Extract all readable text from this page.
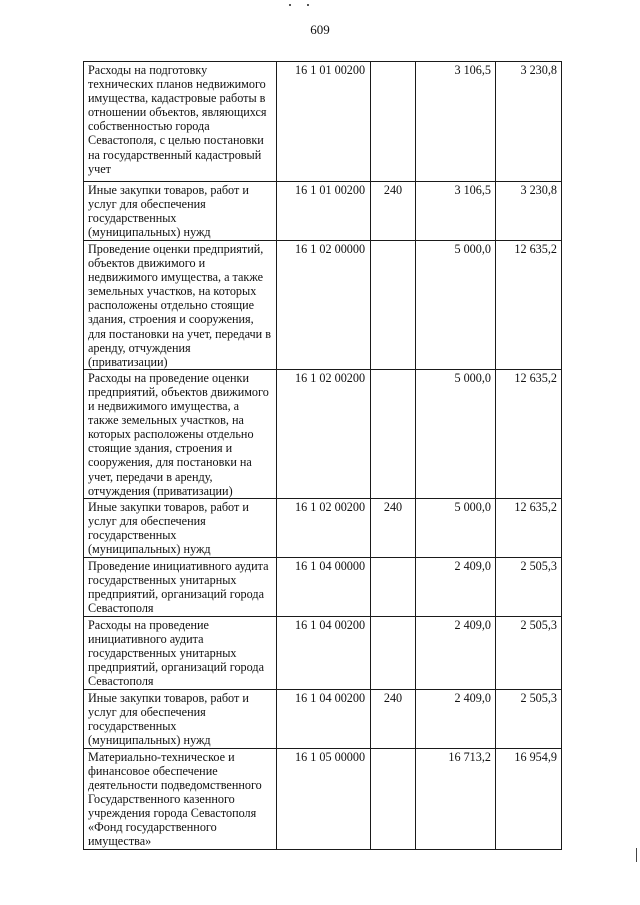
609
Расходы на подготовку технических планов недвижимого имущества, кадастровые работы в отношении объектов, являющихся собственностью города Севастополя, с целью постановки на государственный кадастровый учет	16 1 01 00200		3 106,5	3 230,8
Иные закупки товаров, работ и услуг для обеспечения государственных (муниципальных) нужд	16 1 01 00200	240	3 106,5	3 230,8
Проведение оценки предприятий, объектов движимого и недвижимого имущества, а также земельных участков, на которых расположены отдельно стоящие здания, строения и сооружения, для постановки на учет, передачи в аренду, отчуждения (приватизации)	16 1 02 00000		5 000,0	12 635,2
Расходы на проведение оценки предприятий, объектов движимого и недвижимого имущества, а также земельных участков, на которых расположены отдельно стоящие здания, строения и сооружения, для постановки на учет, передачи в аренду, отчуждения (приватизации)	16 1 02 00200		5 000,0	12 635,2
Иные закупки товаров, работ и услуг для обеспечения государственных (муниципальных) нужд	16 1 02 00200	240	5 000,0	12 635,2
Проведение инициативного аудита государственных унитарных предприятий, организаций города Севастополя	16 1 04 00000		2 409,0	2 505,3
Расходы на проведение инициативного аудита государственных унитарных предприятий, организаций города Севастополя	16 1 04 00200		2 409,0	2 505,3
Иные закупки товаров, работ и услуг для обеспечения государственных (муниципальных) нужд	16 1 04 00200	240	2 409,0	2 505,3
Материально-техническое и финансовое обеспечение деятельности подведомственного Государственного казенного учреждения города Севастополя «Фонд государственного имущества»	16 1 05 00000		16 713,2	16 954,9
